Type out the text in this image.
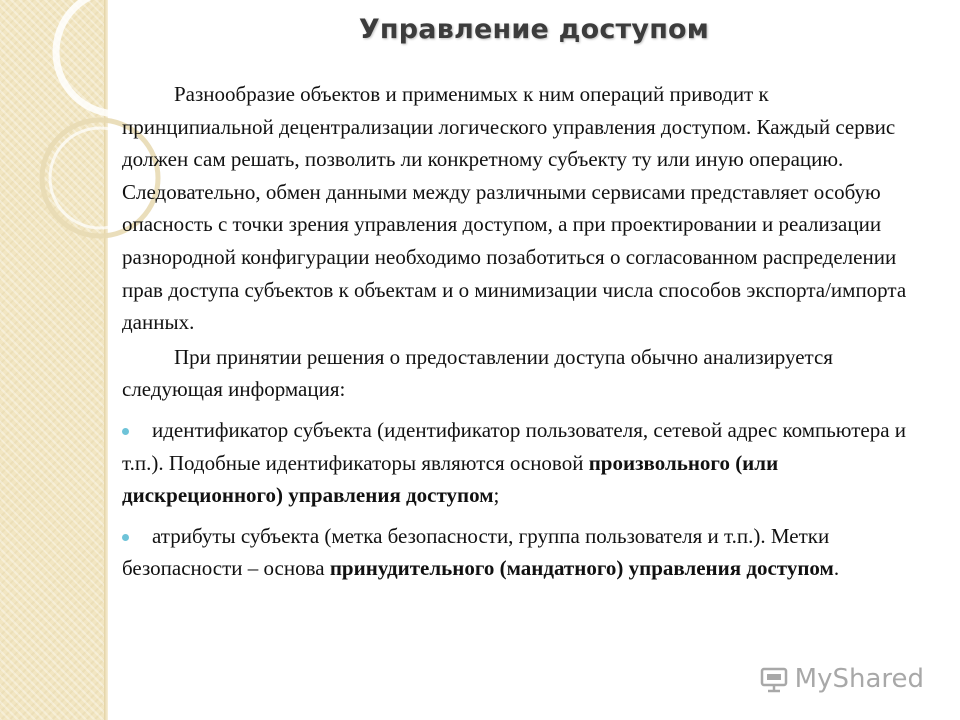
Управление доступом

Разнообразие объектов и применимых к ним операций приводит к принципиальной децентрализации логического управления доступом. Каждый сервис должен сам решать, позволить ли конкретному субъекту ту или иную операцию. Следовательно, обмен данными между различными сервисами представляет особую опасность с точки зрения управления доступом, а при проектировании и реализации разнородной конфигурации необходимо позаботиться о согласованном распределении прав доступа субъектов к объектам и о минимизации числа способов экспорта/импорта данных.

При принятии решения о предоставлении доступа обычно анализируется следующая информация:

идентификатор субъекта (идентификатор пользователя, сетевой адрес компьютера и т.п.). Подобные идентификаторы являются основой произвольного (или дискреционного) управления доступом;
атрибуты субъекта (метка безопасности, группа пользователя и т.п.). Метки безопасности – основа принудительного (мандатного) управления доступом.
MyShared
